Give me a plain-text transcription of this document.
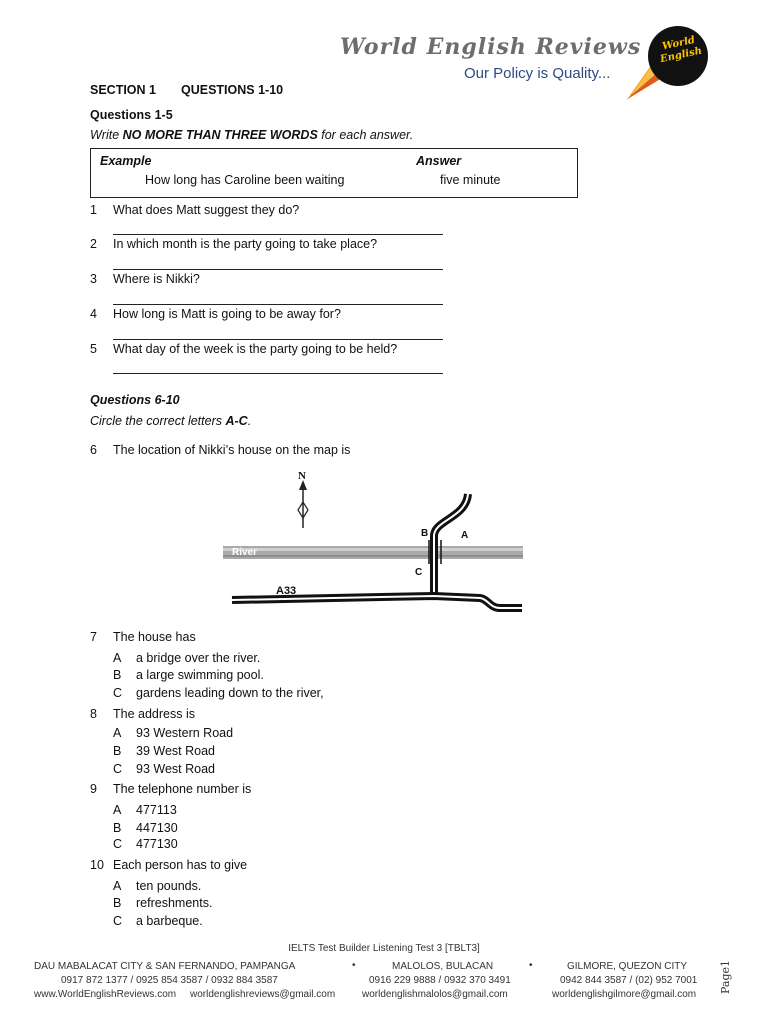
World English Reviews
Our Policy is Quality...
World English
SECTION 1 QUESTIONS 1-10
Questions 1-5
Write NO MORE THAN THREE WORDS for each answer.
Example	Answer
How long has Caroline been waiting	five minute
1 What does Matt suggest they do?
2 In which month is the party going to take place?
3 Where is Nikki?
4 How long is Matt is going to be away for?
5 What day of the week is the party going to be held?
Questions 6-10
Circle the correct letters A-C.
6 The location of Nikki’s house on the map is
N
River
A33
A
B
C
7 The house has
A a bridge over the river.
B a large swimming pool.
C gardens leading down to the river,
8 The address is
A 93 Western Road
B 39 West Road
C 93 West Road
9 The telephone number is
A 477113
B 447130
C 477130
10 Each person has to give
A ten pounds.
B refreshments.
C a barbeque.
IELTS Test Builder Listening Test 3 [TBLT3]
DAU MABALACAT CITY & SAN FERNANDO, PAMPANGA
0917 872 1377 / 0925 854 3587 / 0932 884 3587
www.WorldEnglishReviews.com worldenglishreviews@gmail.com
•	MALOLOS, BULACAN
0916 229 9888 / 0932 370 3491
worldenglishmalolos@gmail.com
•	GILMORE, QUEZON CITY
0942 844 3587 / (02) 952 7001
worldenglishgilmore@gmail.com
Page1
